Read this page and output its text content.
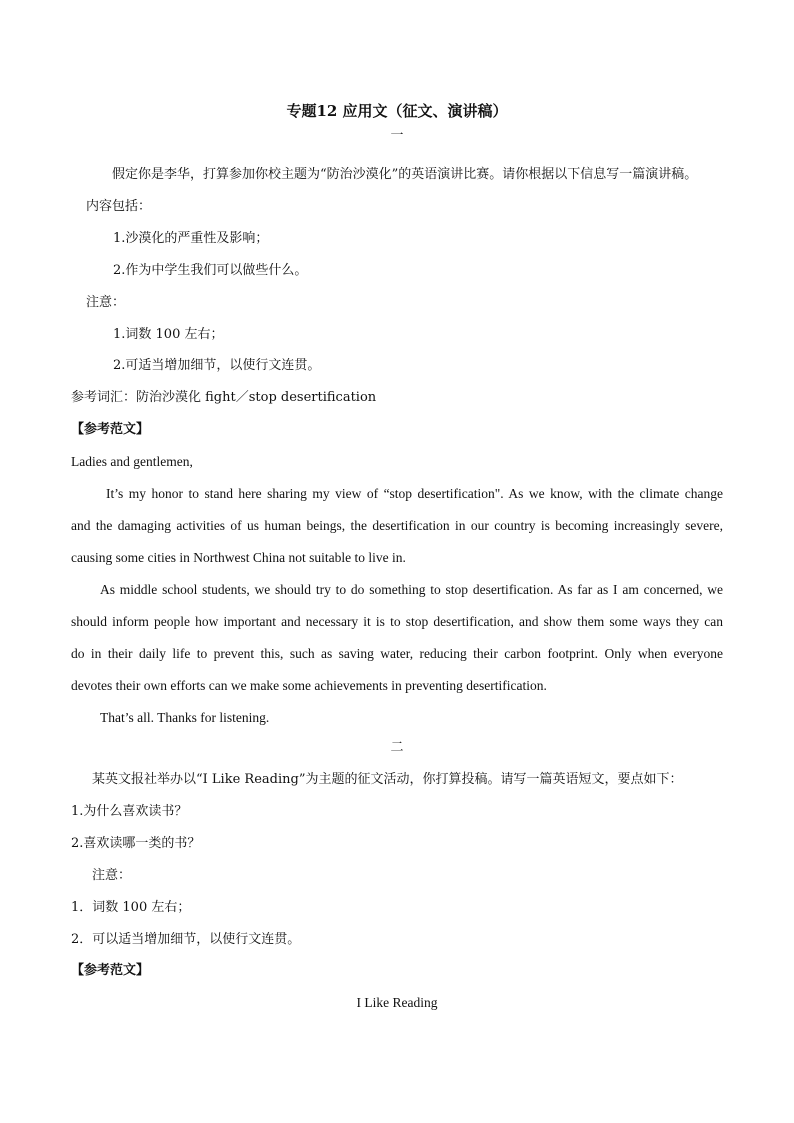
专题12 应用文（征文、演讲稿）
一
假定你是李华，打算参加你校主题为“防治沙漠化”的英语演讲比赛。请你根据以下信息写一篇演讲稿。
内容包括：
1.沙漠化的严重性及影响；
2.作为中学生我们可以做些什么。
注意：
1.词数 100 左右；
2.可适当增加细节，以使行文连贯。
参考词汇：防治沙漠化 fight／stop desertification
【参考范文】
Ladies and gentlemen,
It’s my honor to stand here sharing my view of “stop desertification". As we know, with the climate change
and the damaging activities of us human beings, the desertification in our country is becoming increasingly severe,
causing some cities in Northwest China not suitable to live in.
As middle school students, we should try to do something to stop desertification. As far as I am concerned, we
should inform people how important and necessary it is to stop desertification, and show them some ways they can
do in their daily life to prevent this, such as saving water, reducing their carbon footprint. Only when everyone
devotes their own efforts can we make some achievements in preventing desertification.
That’s all. Thanks for listening.
二
某英文报社举办以“I Like Reading”为主题的征文活动，你打算投稿。请写一篇英语短文，要点如下：
1.为什么喜欢读书？
2.喜欢读哪一类的书？
注意：
1．词数 100 左右；
2．可以适当增加细节，以使行文连贯。
【参考范文】
I Like Reading
